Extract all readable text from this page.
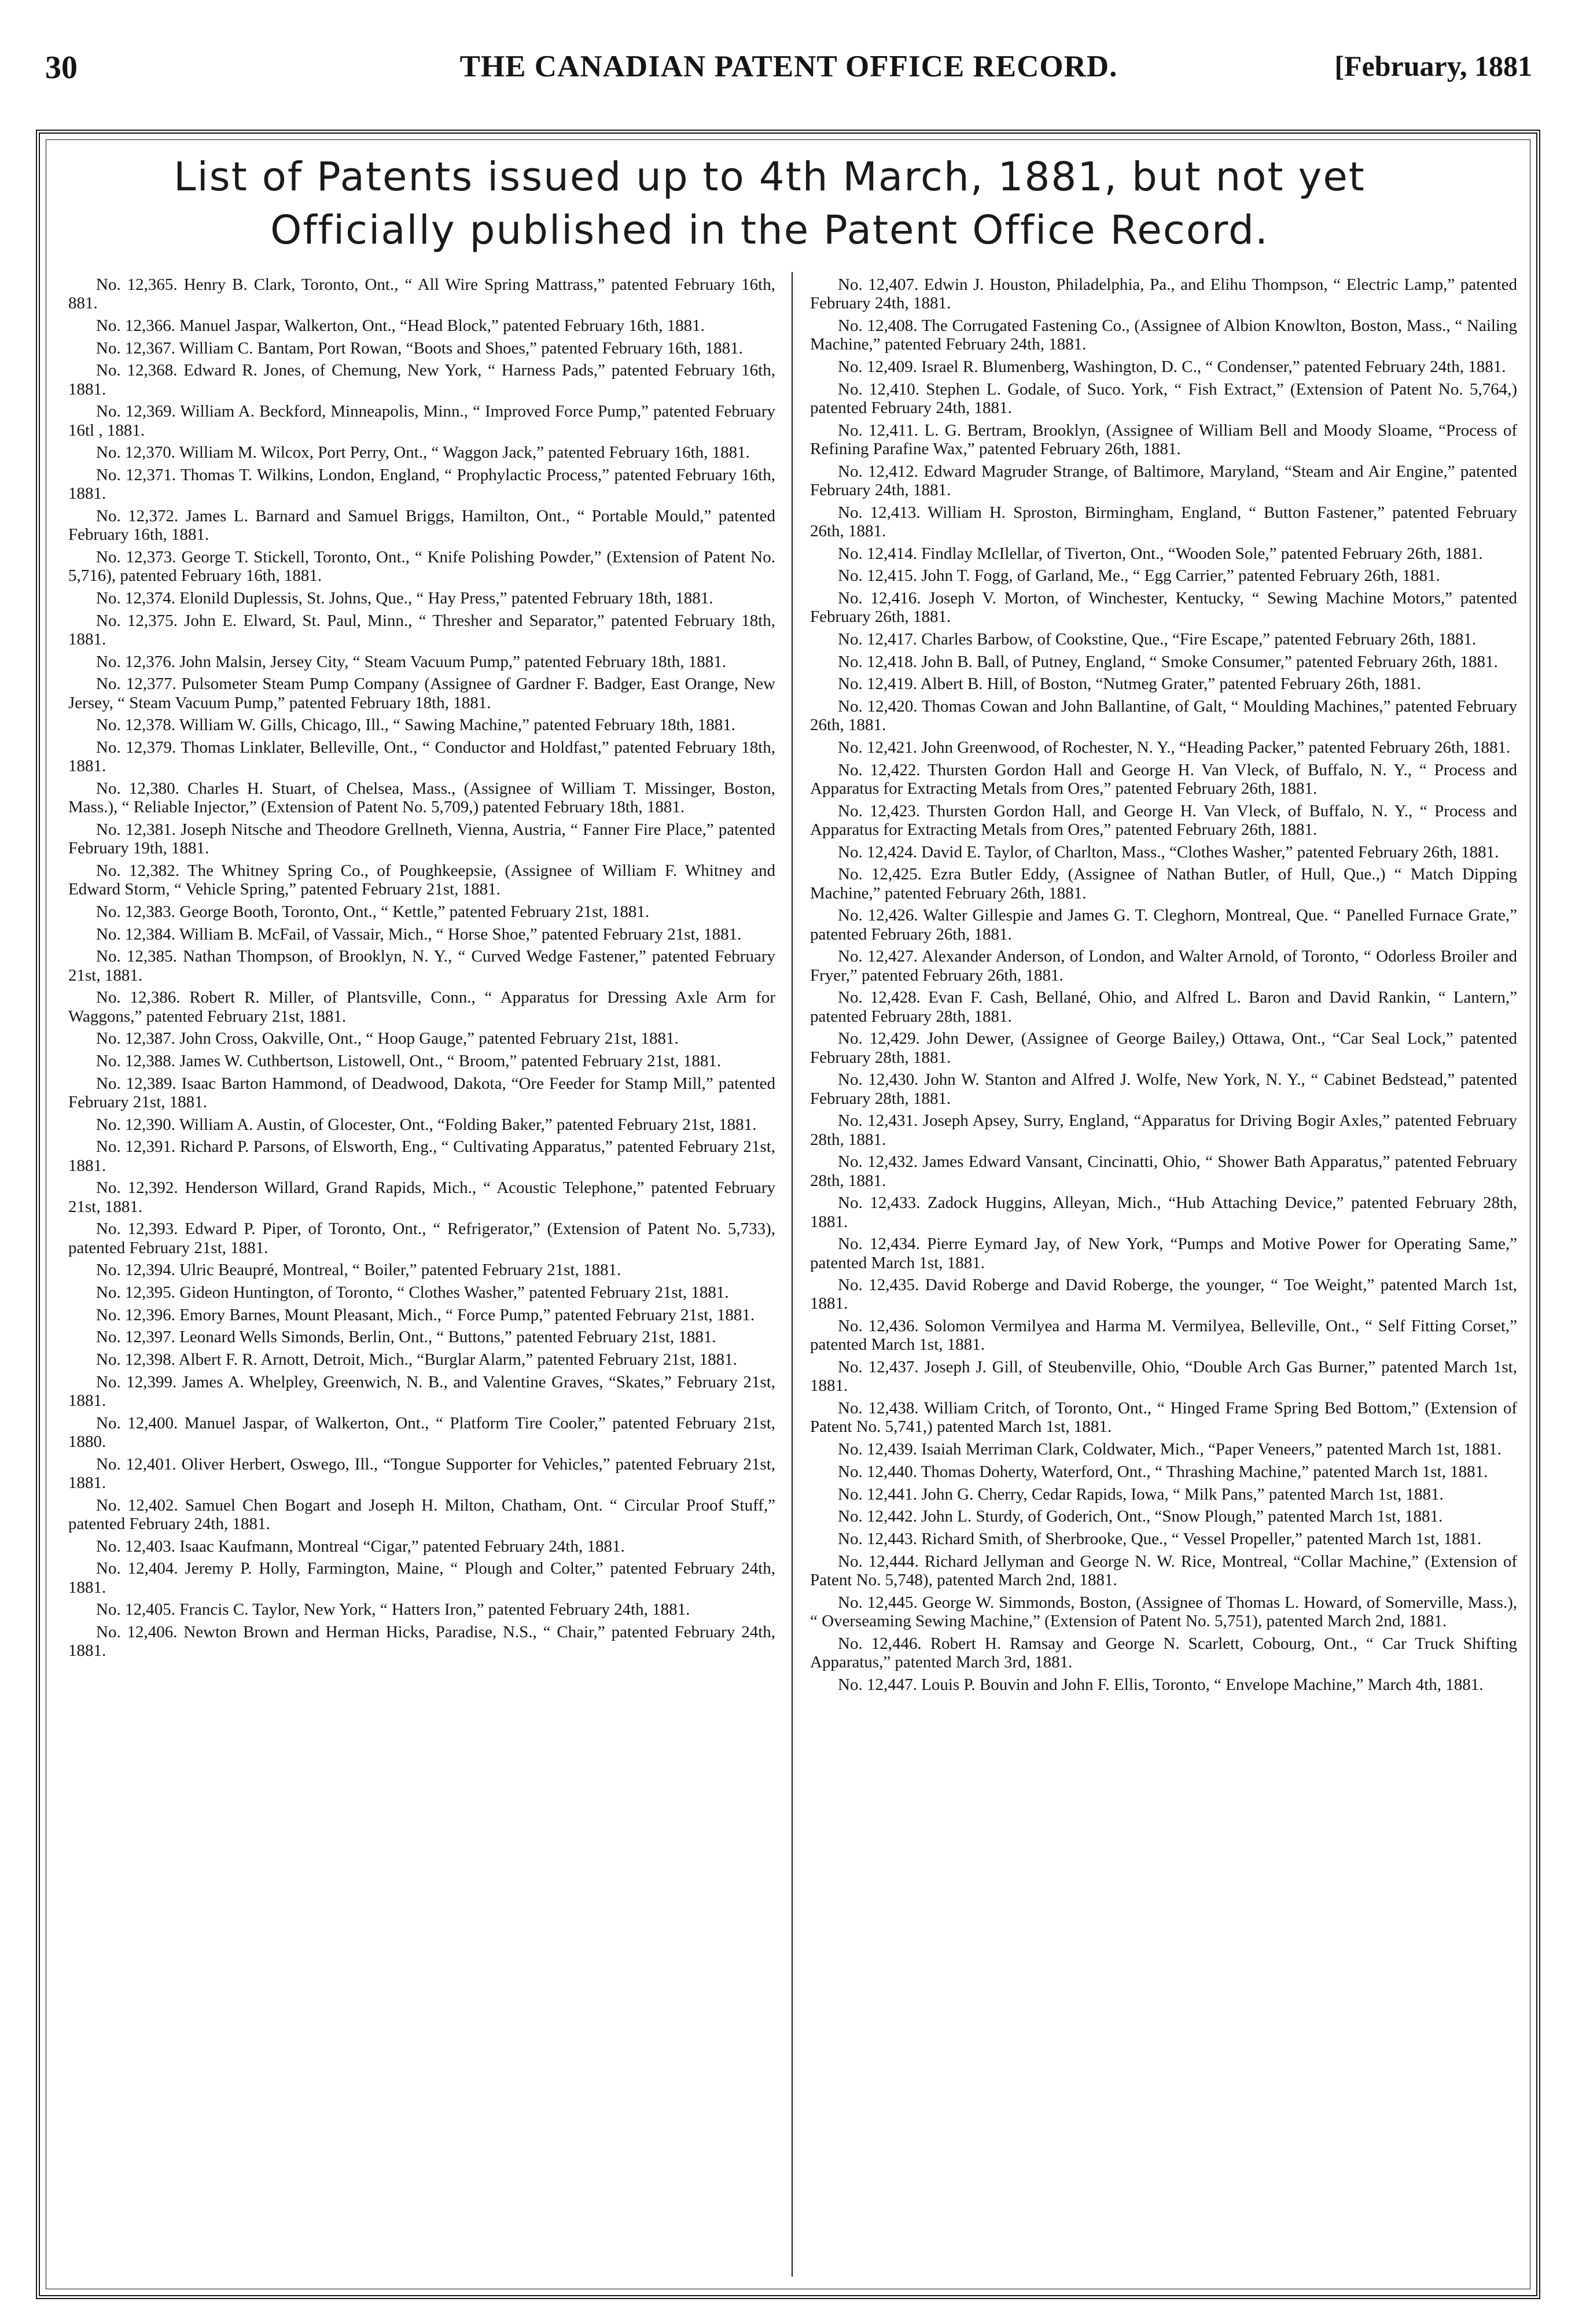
30	THE CANADIAN PATENT OFFICE RECORD.	[February, 1881
List of Patents issued up to 4th March, 1881, but not yet
Officially published in the Patent Office Record.

No. 12,365. Henry B. Clark, Toronto, Ont., “ All Wire Spring Mattrass,” patented February 16th, 881.

No. 12,366. Manuel Jaspar, Walkerton, Ont., “Head Block,” patented February 16th, 1881.

No. 12,367. William C. Bantam, Port Rowan, “Boots and Shoes,” patented February 16th, 1881.

No. 12,368. Edward R. Jones, of Chemung, New York, “ Harness Pads,” patented February 16th, 1881.

No. 12,369. William A. Beckford, Minneapolis, Minn., “ Improved Force Pump,” patented February 16tl , 1881.

No. 12,370. William M. Wilcox, Port Perry, Ont., “ Waggon Jack,” patented February 16th, 1881.

No. 12,371. Thomas T. Wilkins, London, England, “ Prophylactic Process,” patented February 16th, 1881.

No. 12,372. James L. Barnard and Samuel Briggs, Hamilton, Ont., “ Portable Mould,” patented February 16th, 1881.

No. 12,373. George T. Stickell, Toronto, Ont., “ Knife Polishing Powder,” (Extension of Patent No. 5,716), patented February 16th, 1881.

No. 12,374. Elonild Duplessis, St. Johns, Que., “ Hay Press,” patented February 18th, 1881.

No. 12,375. John E. Elward, St. Paul, Minn., “ Thresher and Separator,” patented February 18th, 1881.

No. 12,376. John Malsin, Jersey City, “ Steam Vacuum Pump,” patented February 18th, 1881.

No. 12,377. Pulsometer Steam Pump Company (Assignee of Gardner F. Badger, East Orange, New Jersey, “ Steam Vacuum Pump,” patented February 18th, 1881.

No. 12,378. William W. Gills, Chicago, Ill., “ Sawing Machine,” patented February 18th, 1881.

No. 12,379. Thomas Linklater, Belleville, Ont., “ Conductor and Holdfast,” patented February 18th, 1881.

No. 12,380. Charles H. Stuart, of Chelsea, Mass., (Assignee of William T. Missinger, Boston, Mass.), “ Reliable Injector,” (Extension of Patent No. 5,709,) patented February 18th, 1881.

No. 12,381. Joseph Nitsche and Theodore Grellneth, Vienna, Austria, “ Fanner Fire Place,” patented February 19th, 1881.

No. 12,382. The Whitney Spring Co., of Poughkeepsie, (Assignee of William F. Whitney and Edward Storm, “ Vehicle Spring,” patented February 21st, 1881.

No. 12,383. George Booth, Toronto, Ont., “ Kettle,” patented February 21st, 1881.

No. 12,384. William B. McFail, of Vassair, Mich., “ Horse Shoe,” patented February 21st, 1881.

No. 12,385. Nathan Thompson, of Brooklyn, N. Y., “ Curved Wedge Fastener,” patented February 21st, 1881.

No. 12,386. Robert R. Miller, of Plantsville, Conn., “ Apparatus for Dressing Axle Arm for Waggons,” patented February 21st, 1881.

No. 12,387. John Cross, Oakville, Ont., “ Hoop Gauge,” patented February 21st, 1881.

No. 12,388. James W. Cuthbertson, Listowell, Ont., “ Broom,” patented February 21st, 1881.

No. 12,389. Isaac Barton Hammond, of Deadwood, Dakota, “Ore Feeder for Stamp Mill,” patented February 21st, 1881.

No. 12,390. William A. Austin, of Glocester, Ont., “Folding Baker,” patented February 21st, 1881.

No. 12,391. Richard P. Parsons, of Elsworth, Eng., “ Cultivating Apparatus,” patented February 21st, 1881.

No. 12,392. Henderson Willard, Grand Rapids, Mich., “ Acoustic Telephone,” patented February 21st, 1881.

No. 12,393. Edward P. Piper, of Toronto, Ont., “ Refrigerator,” (Extension of Patent No. 5,733), patented February 21st, 1881.

No. 12,394. Ulric Beaupré, Montreal, “ Boiler,” patented February 21st, 1881.

No. 12,395. Gideon Huntington, of Toronto, “ Clothes Washer,” patented February 21st, 1881.

No. 12,396. Emory Barnes, Mount Pleasant, Mich., “ Force Pump,” patented February 21st, 1881.

No. 12,397. Leonard Wells Simonds, Berlin, Ont., “ Buttons,” patented February 21st, 1881.

No. 12,398. Albert F. R. Arnott, Detroit, Mich., “Burglar Alarm,” patented February 21st, 1881.

No. 12,399. James A. Whelpley, Greenwich, N. B., and Valentine Graves, “Skates,” February 21st, 1881.

No. 12,400. Manuel Jaspar, of Walkerton, Ont., “ Platform Tire Cooler,” patented February 21st, 1880.

No. 12,401. Oliver Herbert, Oswego, Ill., “Tongue Supporter for Vehicles,” patented February 21st, 1881.

No. 12,402. Samuel Chen Bogart and Joseph H. Milton, Chatham, Ont. “ Circular Proof Stuff,” patented February 24th, 1881.

No. 12,403. Isaac Kaufmann, Montreal “Cigar,” patented February 24th, 1881.

No. 12,404. Jeremy P. Holly, Farmington, Maine, “ Plough and Colter,” patented February 24th, 1881.

No. 12,405. Francis C. Taylor, New York, “ Hatters Iron,” patented February 24th, 1881.

No. 12,406. Newton Brown and Herman Hicks, Paradise, N.S., “ Chair,” patented February 24th, 1881.

No. 12,407. Edwin J. Houston, Philadelphia, Pa., and Elihu Thompson, “ Electric Lamp,” patented February 24th, 1881.

No. 12,408. The Corrugated Fastening Co., (Assignee of Albion Knowlton, Boston, Mass., “ Nailing Machine,” patented February 24th, 1881.

No. 12,409. Israel R. Blumenberg, Washington, D. C., “ Condenser,” patented February 24th, 1881.

No. 12,410. Stephen L. Godale, of Suco. York, “ Fish Extract,” (Extension of Patent No. 5,764,) patented February 24th, 1881.

No. 12,411. L. G. Bertram, Brooklyn, (Assignee of William Bell and Moody Sloame, “Process of Refining Parafine Wax,” patented February 26th, 1881.

No. 12,412. Edward Magruder Strange, of Baltimore, Maryland, “Steam and Air Engine,” patented February 24th, 1881.

No. 12,413. William H. Sproston, Birmingham, England, “ Button Fastener,” patented February 26th, 1881.

No. 12,414. Findlay McIlellar, of Tiverton, Ont., “Wooden Sole,” patented February 26th, 1881.

No. 12,415. John T. Fogg, of Garland, Me., “ Egg Carrier,” patented February 26th, 1881.

No. 12,416. Joseph V. Morton, of Winchester, Kentucky, “ Sewing Machine Motors,” patented February 26th, 1881.

No. 12,417. Charles Barbow, of Cookstine, Que., “Fire Escape,” patented February 26th, 1881.

No. 12,418. John B. Ball, of Putney, England, “ Smoke Consumer,” patented February 26th, 1881.

No. 12,419. Albert B. Hill, of Boston, “Nutmeg Grater,” patented February 26th, 1881.

No. 12,420. Thomas Cowan and John Ballantine, of Galt, “ Moulding Machines,” patented February 26th, 1881.

No. 12,421. John Greenwood, of Rochester, N. Y., “Heading Packer,” patented February 26th, 1881.

No. 12,422. Thursten Gordon Hall and George H. Van Vleck, of Buffalo, N. Y., “ Process and Apparatus for Extracting Metals from Ores,” patented February 26th, 1881.

No. 12,423. Thursten Gordon Hall, and George H. Van Vleck, of Buffalo, N. Y., “ Process and Apparatus for Extracting Metals from Ores,” patented February 26th, 1881.

No. 12,424. David E. Taylor, of Charlton, Mass., “Clothes Washer,” patented February 26th, 1881.

No. 12,425. Ezra Butler Eddy, (Assignee of Nathan Butler, of Hull, Que.,) “ Match Dipping Machine,” patented February 26th, 1881.

No. 12,426. Walter Gillespie and James G. T. Cleghorn, Montreal, Que. “ Panelled Furnace Grate,” patented February 26th, 1881.

No. 12,427. Alexander Anderson, of London, and Walter Arnold, of Toronto, “ Odorless Broiler and Fryer,” patented February 26th, 1881.

No. 12,428. Evan F. Cash, Bellané, Ohio, and Alfred L. Baron and David Rankin, “ Lantern,” patented February 28th, 1881.

No. 12,429. John Dewer, (Assignee of George Bailey,) Ottawa, Ont., “Car Seal Lock,” patented February 28th, 1881.

No. 12,430. John W. Stanton and Alfred J. Wolfe, New York, N. Y., “ Cabinet Bedstead,” patented February 28th, 1881.

No. 12,431. Joseph Apsey, Surry, England, “Apparatus for Driving Bogir Axles,” patented February 28th, 1881.

No. 12,432. James Edward Vansant, Cincinatti, Ohio, “ Shower Bath Apparatus,” patented February 28th, 1881.

No. 12,433. Zadock Huggins, Alleyan, Mich., “Hub Attaching Device,” patented February 28th, 1881.

No. 12,434. Pierre Eymard Jay, of New York, “Pumps and Motive Power for Operating Same,” patented March 1st, 1881.

No. 12,435. David Roberge and David Roberge, the younger, “ Toe Weight,” patented March 1st, 1881.

No. 12,436. Solomon Vermilyea and Harma M. Vermilyea, Belleville, Ont., “ Self Fitting Corset,” patented March 1st, 1881.

No. 12,437. Joseph J. Gill, of Steubenville, Ohio, “Double Arch Gas Burner,” patented March 1st, 1881.

No. 12,438. William Critch, of Toronto, Ont., “ Hinged Frame Spring Bed Bottom,” (Extension of Patent No. 5,741,) patented March 1st, 1881.

No. 12,439. Isaiah Merriman Clark, Coldwater, Mich., “Paper Veneers,” patented March 1st, 1881.

No. 12,440. Thomas Doherty, Waterford, Ont., “ Thrashing Machine,” patented March 1st, 1881.

No. 12,441. John G. Cherry, Cedar Rapids, Iowa, “ Milk Pans,” patented March 1st, 1881.

No. 12,442. John L. Sturdy, of Goderich, Ont., “Snow Plough,” patented March 1st, 1881.

No. 12,443. Richard Smith, of Sherbrooke, Que., “ Vessel Propeller,” patented March 1st, 1881.

No. 12,444. Richard Jellyman and George N. W. Rice, Montreal, “Collar Machine,” (Extension of Patent No. 5,748), patented March 2nd, 1881.

No. 12,445. George W. Simmonds, Boston, (Assignee of Thomas L. Howard, of Somerville, Mass.), “ Overseaming Sewing Machine,” (Extension of Patent No. 5,751), patented March 2nd, 1881.

No. 12,446. Robert H. Ramsay and George N. Scarlett, Cobourg, Ont., “ Car Truck Shifting Apparatus,” patented March 3rd, 1881.

No. 12,447. Louis P. Bouvin and John F. Ellis, Toronto, “ Envelope Machine,” March 4th, 1881.
